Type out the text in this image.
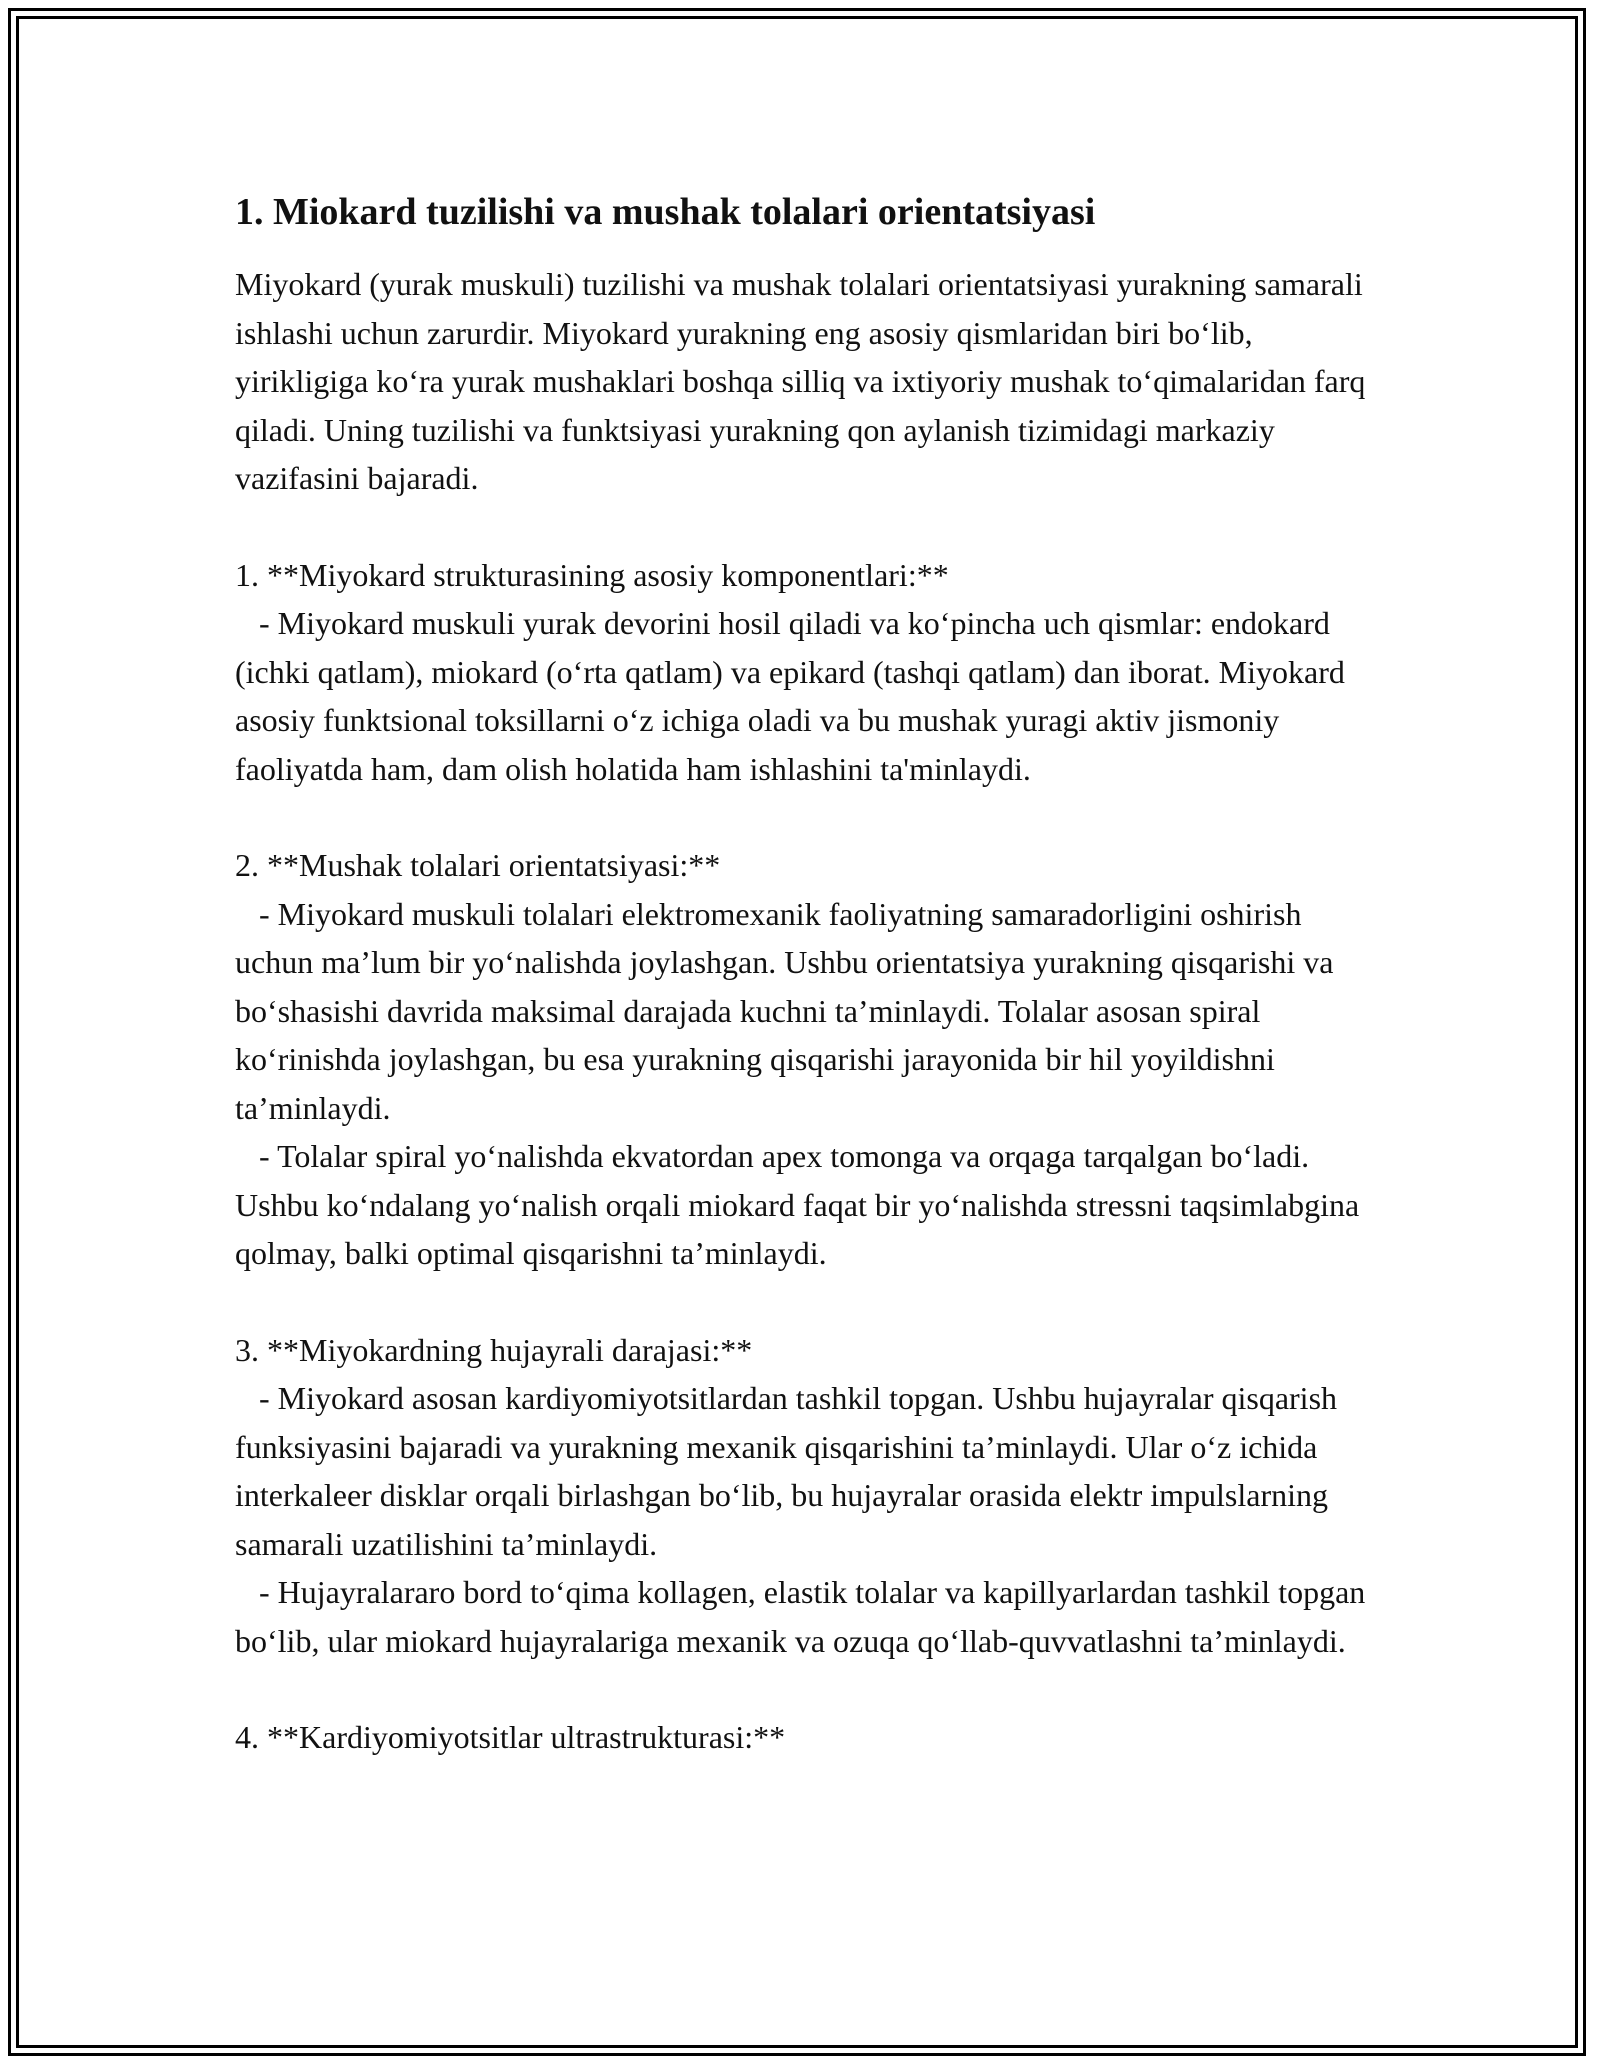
1. Miokard tuzilishi va mushak tolalari orientatsiyasi

Miyokard (yurak muskuli) tuzilishi va mushak tolalari orientatsiyasi yurakning samarali ishlashi uchun zarurdir. Miyokard yurakning eng asosiy qismlaridan biri bo‘lib, yirikligiga ko‘ra yurak mushaklari boshqa silliq va ixtiyoriy mushak to‘qimalaridan farq qiladi. Uning tuzilishi va funktsiyasi yurakning qon aylanish tizimidagi markaziy vazifasini bajaradi.

1. **Miyokard strukturasining asosiy komponentlari:**

- Miyokard muskuli yurak devorini hosil qiladi va ko‘pincha uch qismlar: endokard (ichki qatlam), miokard (o‘rta qatlam) va epikard (tashqi qatlam) dan iborat. Miyokard asosiy funktsional toksillarni o‘z ichiga oladi va bu mushak yuragi aktiv jismoniy faoliyatda ham, dam olish holatida ham ishlashini ta'minlaydi.

2. **Mushak tolalari orientatsiyasi:**

- Miyokard muskuli tolalari elektromexanik faoliyatning samaradorligini oshirish uchun ma’lum bir yo‘nalishda joylashgan. Ushbu orientatsiya yurakning qisqarishi va bo‘shasishi davrida maksimal darajada kuchni ta’minlaydi. Tolalar asosan spiral ko‘rinishda joylashgan, bu esa yurakning qisqarishi jarayonida bir hil yoyildishni ta’minlaydi.

- Tolalar spiral yo‘nalishda ekvatordan apex tomonga va orqaga tarqalgan bo‘ladi. Ushbu ko‘ndalang yo‘nalish orqali miokard faqat bir yo‘nalishda stressni taqsimlabgina qolmay, balki optimal qisqarishni ta’minlaydi.

3. **Miyokardning hujayrali darajasi:**

- Miyokard asosan kardiyomiyotsitlardan tashkil topgan. Ushbu hujayralar qisqarish funksiyasini bajaradi va yurakning mexanik qisqarishini ta’minlaydi. Ular o‘z ichida interkaleer disklar orqali birlashgan bo‘lib, bu hujayralar orasida elektr impulslarning samarali uzatilishini ta’minlaydi.

- Hujayralararo bord to‘qima kollagen, elastik tolalar va kapillyarlardan tashkil topgan bo‘lib, ular miokard hujayralariga mexanik va ozuqa qo‘llab-quvvatlashni ta’minlaydi.

4. **Kardiyomiyotsitlar ultrastrukturasi:**
